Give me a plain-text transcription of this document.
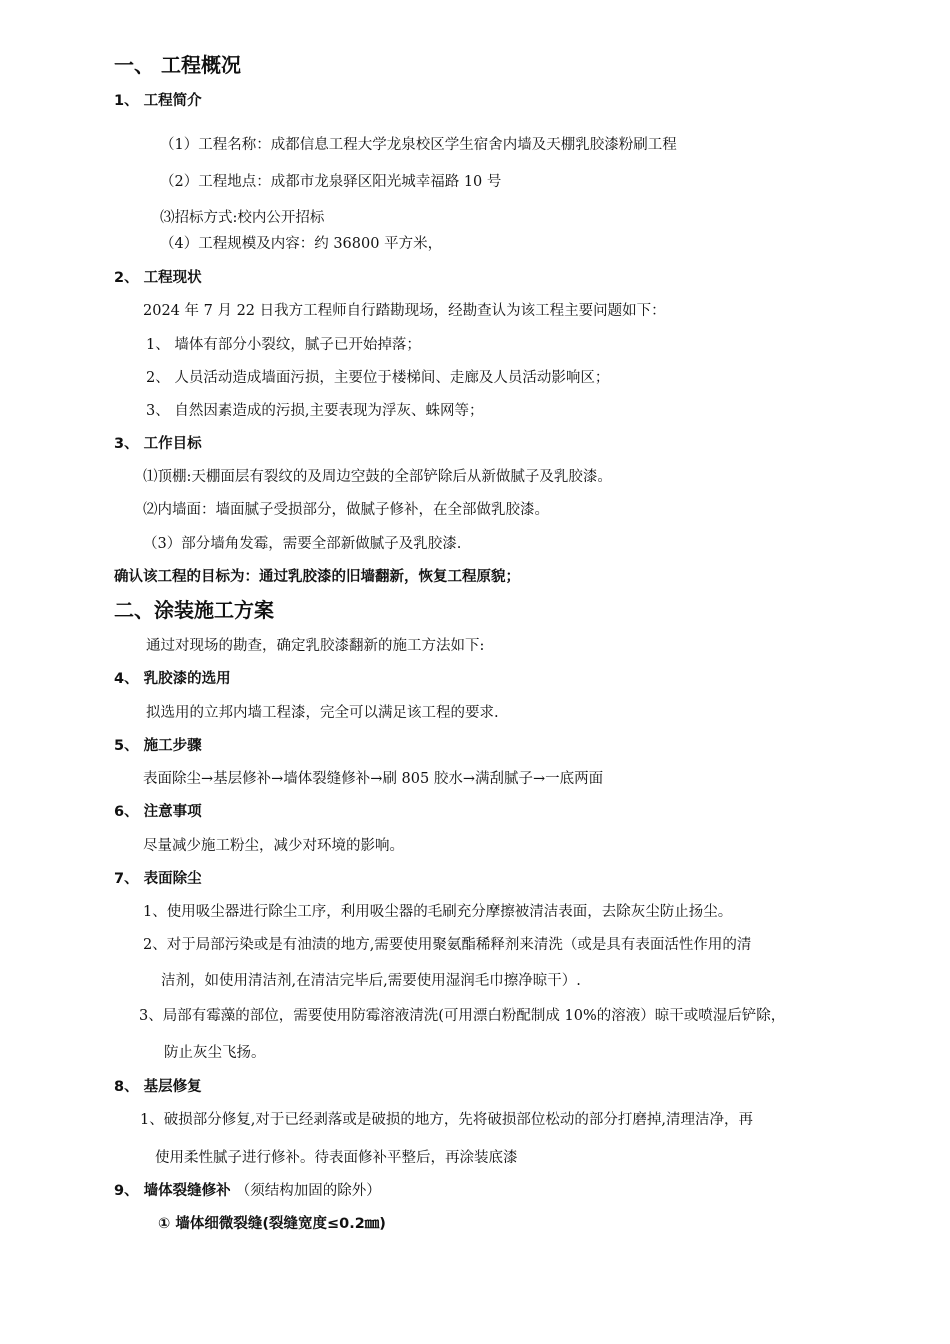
一、 工程概况
1、 工程简介
（1）工程名称：成都信息工程大学龙泉校区学生宿舍内墙及天棚乳胶漆粉刷工程
（2）工程地点：成都市龙泉驿区阳光城幸福路 10 号
⑶招标方式:校内公开招标
（4）工程规模及内容：约 36800 平方米，
2、 工程现状
2024 年 7 月 22 日我方工程师自行踏勘现场，经勘查认为该工程主要问题如下：
1、 墙体有部分小裂纹，腻子已开始掉落；
2、 人员活动造成墙面污损，主要位于楼梯间、走廊及人员活动影响区；
3、 自然因素造成的污损,主要表现为浮灰、蛛网等；
3、 工作目标
⑴顶棚:天棚面层有裂纹的及周边空鼓的全部铲除后从新做腻子及乳胶漆。
⑵内墙面：墙面腻子受损部分，做腻子修补，在全部做乳胶漆。
（3）部分墙角发霉，需要全部新做腻子及乳胶漆.
确认该工程的目标为：通过乳胶漆的旧墙翻新，恢复工程原貌；
二、涂装施工方案
通过对现场的勘查，确定乳胶漆翻新的施工方法如下:
4、 乳胶漆的选用
拟选用的立邦内墙工程漆，完全可以满足该工程的要求.
5、 施工步骤
表面除尘→基层修补→墙体裂缝修补→刷 805 胶水→满刮腻子→一底两面
6、 注意事项
尽量减少施工粉尘，减少对环境的影响。
7、 表面除尘
1、使用吸尘器进行除尘工序，利用吸尘器的毛刷充分摩擦被清洁表面，去除灰尘防止扬尘。
2、对于局部污染或是有油渍的地方,需要使用聚氨酯稀释剂来清洗（或是具有表面活性作用的清
洁剂，如使用清洁剂,在清洁完毕后,需要使用湿润毛巾擦净晾干）.
3、局部有霉藻的部位，需要使用防霉溶液清洗(可用漂白粉配制成 10%的溶液）晾干或喷湿后铲除，
防止灰尘飞扬。
8、 基层修复
1、破损部分修复,对于已经剥落或是破损的地方，先将破损部位松动的部分打磨掉,清理洁净，再
使用柔性腻子进行修补。待表面修补平整后，再涂装底漆
9、 墙体裂缝修补 （须结构加固的除外）
① 墙体细微裂缝(裂缝宽度≤0.2㎜)
